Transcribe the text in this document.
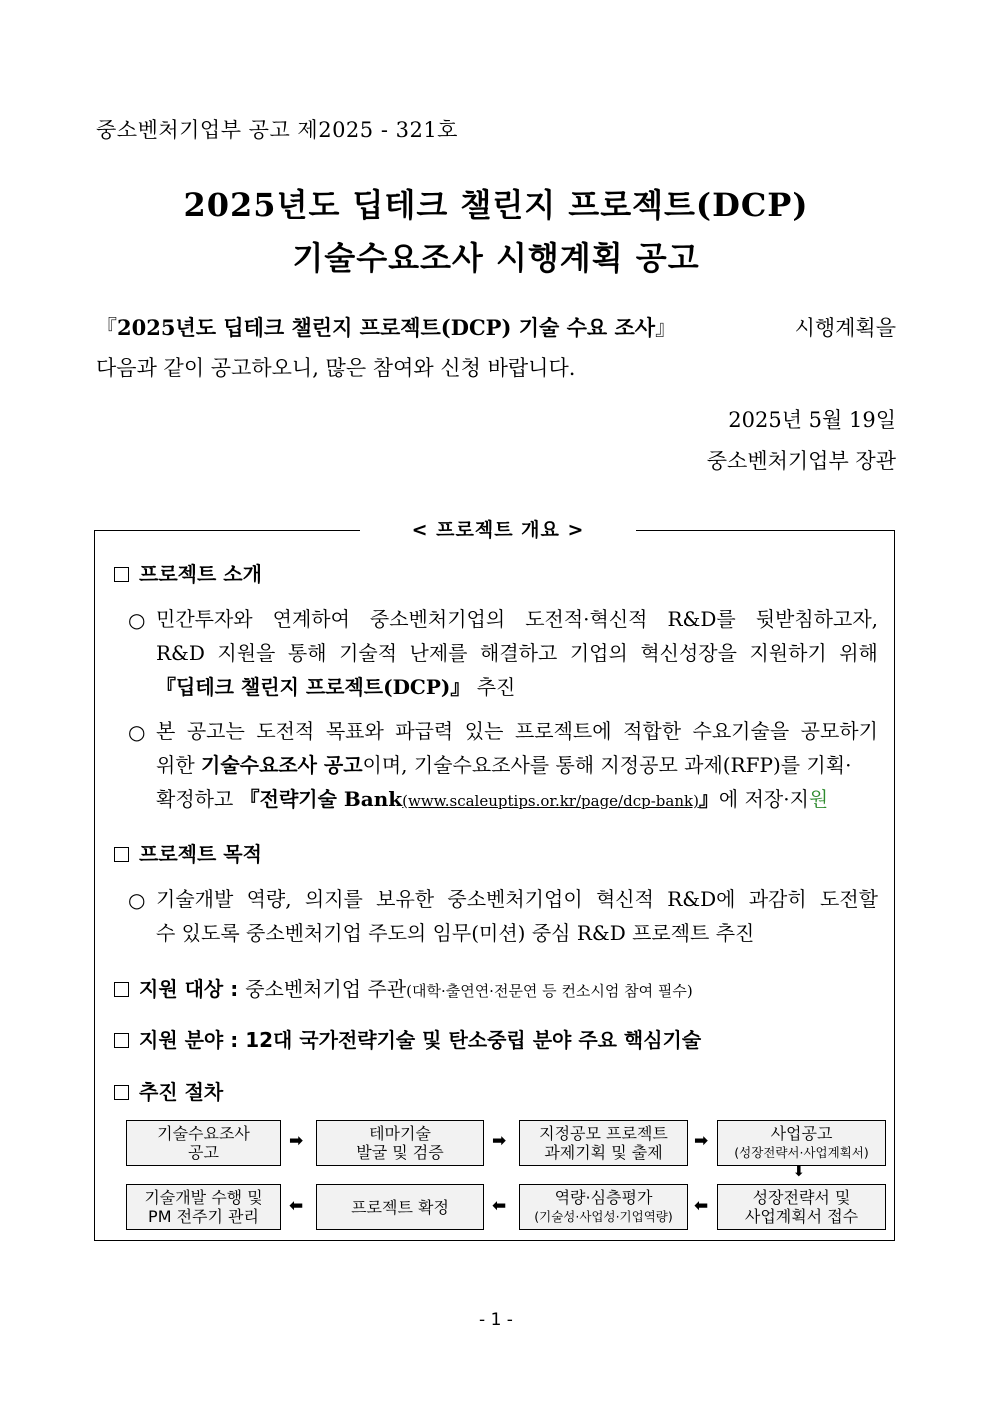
중소벤처기업부 공고 제2025 - 321호
2025년도 딥테크 챌린지 프로젝트(DCP)
기술수요조사 시행계획 공고
『2025년도 딥테크 챌린지 프로젝트(DCP) 기술 수요 조사』	시행계획을
다음과 같이 공고하오니, 많은 참여와 신청 바랍니다.
2025년 5월 19일
중소벤처기업부 장관
< 프로젝트 개요 >
프로젝트 소개
○ 민간투자와 연계하여 중소벤처기업의 도전적·혁신적 R&D를 뒷받침하고자,
R&D 지원을 통해 기술적 난제를 해결하고 기업의 혁신성장을 지원하기 위해
『딥테크 챌린지 프로젝트(DCP)』 추진
○ 본 공고는 도전적 목표와 파급력 있는 프로젝트에 적합한 수요기술을 공모하기
위한 기술수요조사 공고이며, 기술수요조사를 통해 지정공모 과제(RFP)를 기획·
확정하고 『전략기술 Bank(www.scaleuptips.or.kr/page/dcp-bank)』에 저장·지원
프로젝트 목적
○ 기술개발 역량, 의지를 보유한 중소벤처기업이 혁신적 R&D에 과감히 도전할
수 있도록 중소벤처기업 주도의 임무(미션) 중심 R&D 프로젝트 추진
지원 대상 : 중소벤처기업 주관(대학·출연연·전문연 등 컨소시엄 참여 필수)
지원 분야 : 12대 국가전략기술 및 탄소중립 분야 주요 핵심기술
추진 절차
기술수요조사
공고
➡	테마기술
발굴 및 검증
➡ 지정공모 프로젝트
과제기획 및 출제
➡	사업공고
(성장전략서·사업계획서)
⬇
기술개발 수행 및
PM 전주기 관리
⬅	프로젝트 확정	⬅	역량·심층평가
(기술성·사업성·기업역량)
⬅	성장전략서 및
사업계획서 접수
- 1 -
